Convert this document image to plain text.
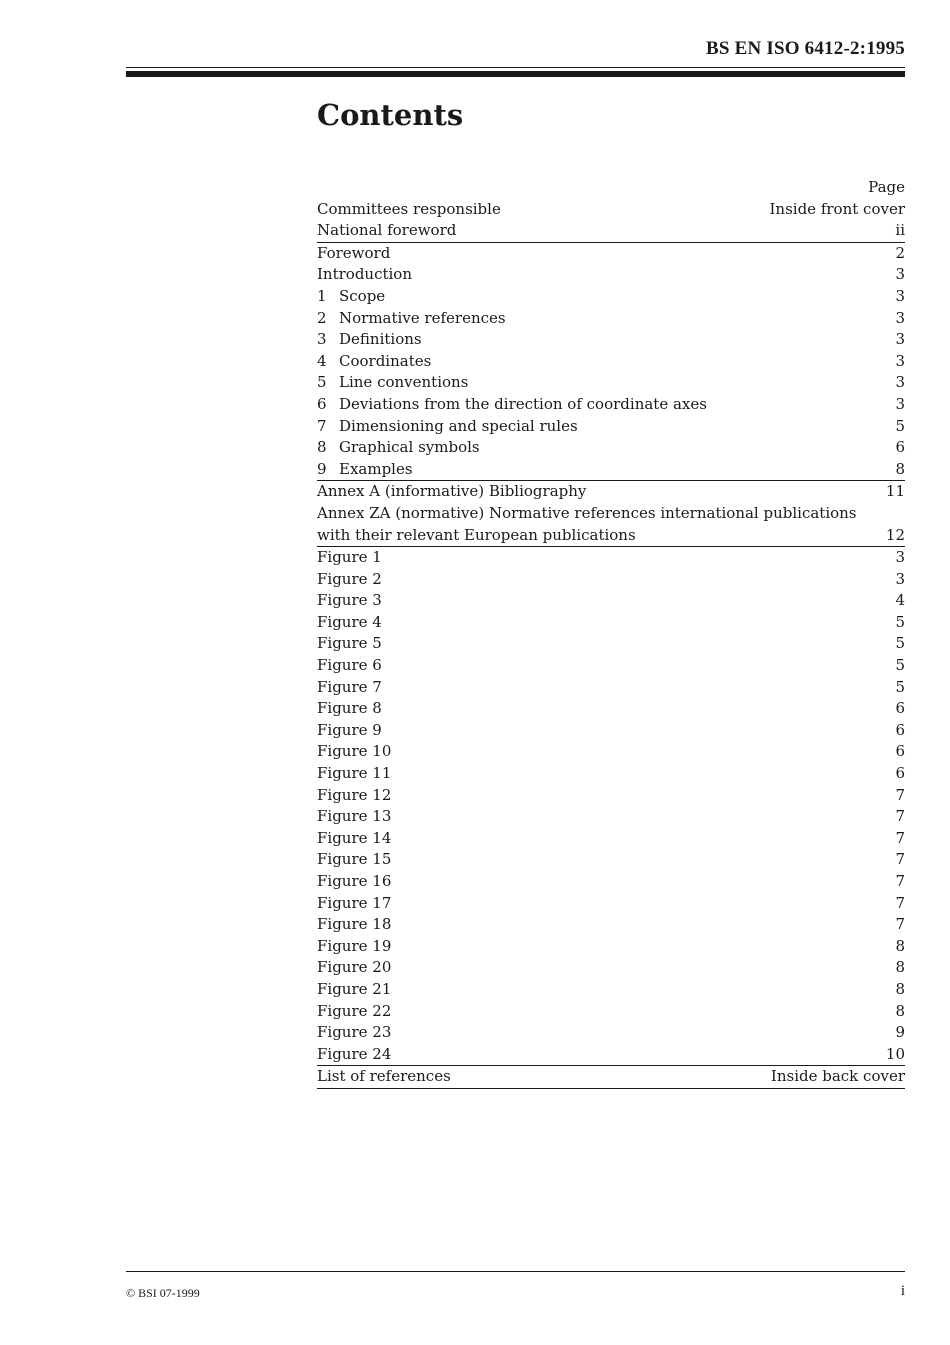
BS EN ISO 6412-2:1995
Contents
Page
Committees responsible	Inside front cover
National foreword	ii
Foreword	2
Introduction	3
1 Scope	3
2 Normative references	3
3 Definitions	3
4 Coordinates	3
5 Line conventions	3
6 Deviations from the direction of coordinate axes	3
7 Dimensioning and special rules	5
8 Graphical symbols	6
9 Examples	8
Annex A (informative) Bibliography	11
Annex ZA (normative) Normative references international publications
with their relevant European publications	12
Figure 1	3
Figure 2	3
Figure 3	4
Figure 4	5
Figure 5	5
Figure 6	5
Figure 7	5
Figure 8	6
Figure 9	6
Figure 10	6
Figure 11	6
Figure 12	7
Figure 13	7
Figure 14	7
Figure 15	7
Figure 16	7
Figure 17	7
Figure 18	7
Figure 19	8
Figure 20	8
Figure 21	8
Figure 22	8
Figure 23	9
Figure 24	10
List of references	Inside back cover
© BSI 07-1999	i
